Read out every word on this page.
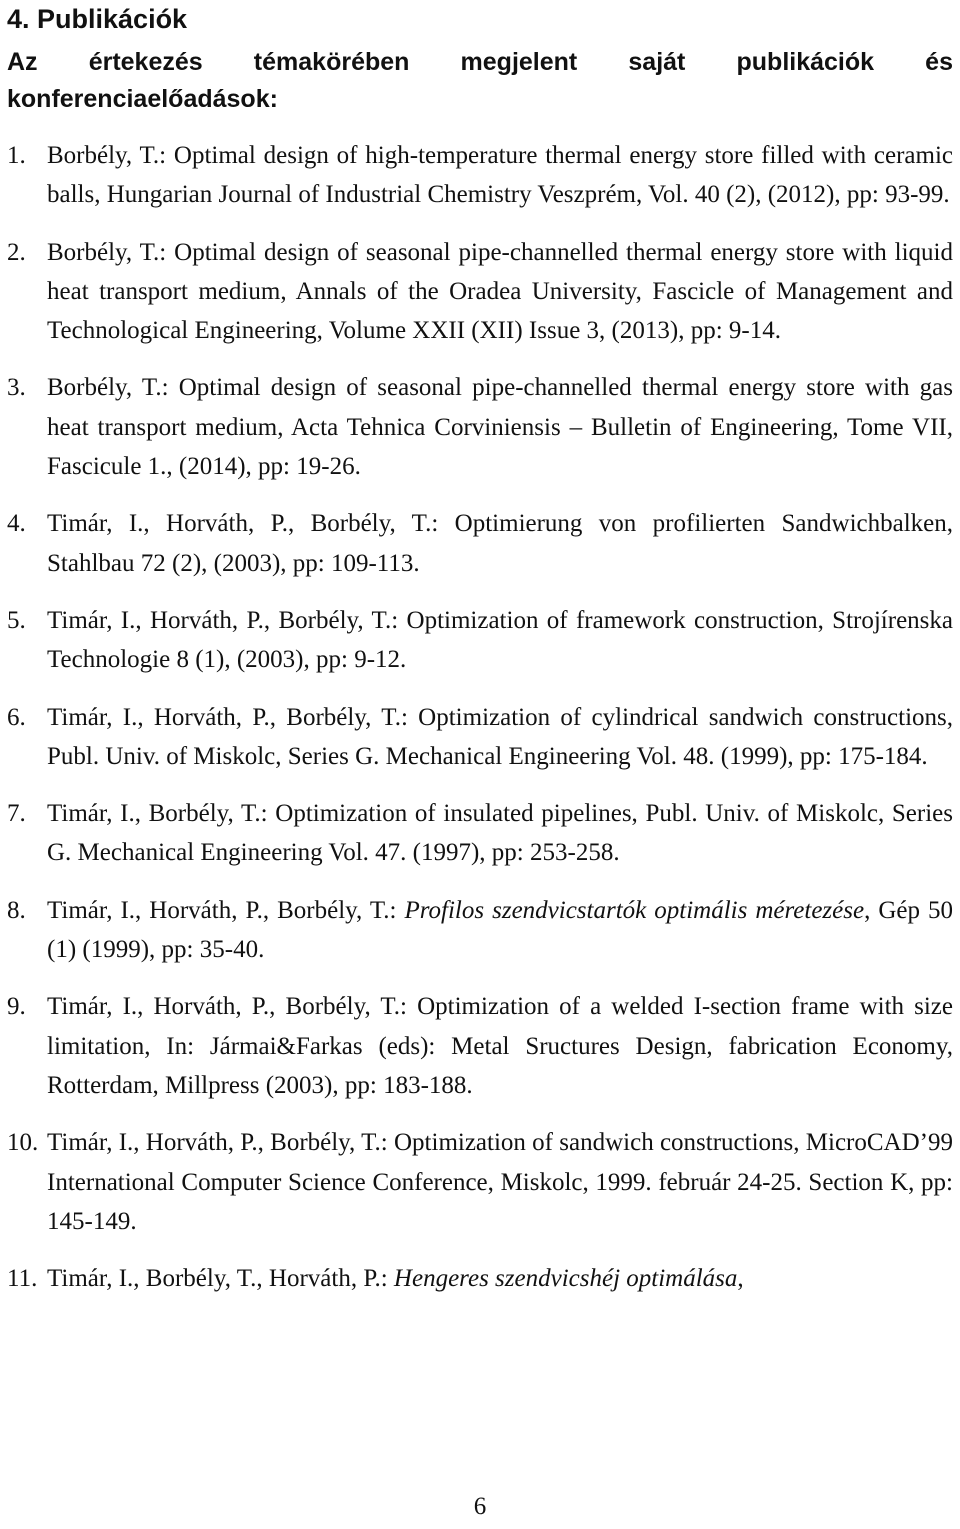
4. Publikációk

Az értekezés témakörében megjelent saját publikációk és konferenciaelőadások:

1. Borbély, T.: Optimal design of high-temperature thermal energy store filled with ceramic balls, Hungarian Journal of Industrial Chemistry Veszprém, Vol. 40 (2), (2012), pp: 93-99.
2. Borbély, T.: Optimal design of seasonal pipe-channelled thermal energy store with liquid heat transport medium, Annals of the Oradea University, Fascicle of Management and Technological Engineering, Volume XXII (XII) Issue 3, (2013), pp: 9-14.
3. Borbély, T.: Optimal design of seasonal pipe-channelled thermal energy store with gas heat transport medium, Acta Tehnica Corviniensis – Bulletin of Engineering, Tome VII, Fascicule 1., (2014), pp: 19-26.
4. Timár, I., Horváth, P., Borbély, T.: Optimierung von profilierten Sandwichbalken, Stahlbau 72 (2), (2003), pp: 109-113.
5. Timár, I., Horváth, P., Borbély, T.: Optimization of framework construction, Strojírenska Technologie 8 (1), (2003), pp: 9-12.
6. Timár, I., Horváth, P., Borbély, T.: Optimization of cylindrical sandwich constructions, Publ. Univ. of Miskolc, Series G. Mechanical Engineering Vol. 48. (1999), pp: 175-184.
7. Timár, I., Borbély, T.: Optimization of insulated pipelines, Publ. Univ. of Miskolc, Series G. Mechanical Engineering Vol. 47. (1997), pp: 253-258.
8. Timár, I., Horváth, P., Borbély, T.: Profilos szendvicstartók optimális méretezése, Gép 50 (1) (1999), pp: 35-40.
9. Timár, I., Horváth, P., Borbély, T.: Optimization of a welded I-section frame with size limitation, In: Jármai&Farkas (eds): Metal Sructures Design, fabrication Economy, Rotterdam, Millpress (2003), pp: 183-188.
10. Timár, I., Horváth, P., Borbély, T.: Optimization of sandwich constructions, MicroCAD’99 International Computer Science Conference, Miskolc, 1999. február 24-25. Section K, pp: 145-149.
11. Timár, I., Borbély, T., Horváth, P.: Hengeres szendvicshéj optimálása,
6
